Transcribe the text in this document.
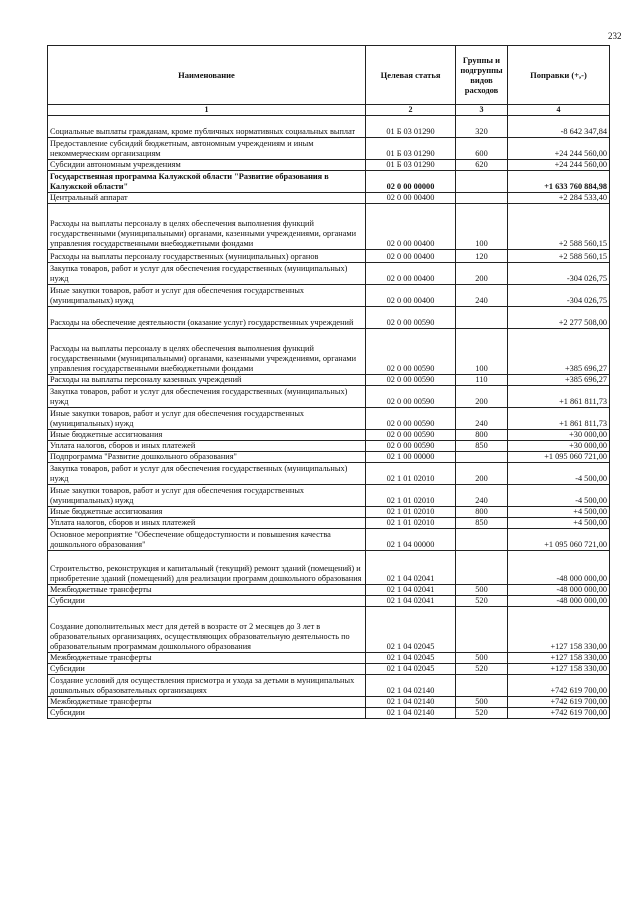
232
Наименование	Целевая статья	Группы и подгруппы видов расходов	Поправки (+,-)
1	2	3	4
Социальные выплаты гражданам, кроме публичных нормативных социальных выплат	01 Б 03 01290	320	-8 642 347,84
Предоставление субсидий бюджетным, автономным учреждениям и иным некоммерческим организациям	01 Б 03 01290	600	+24 244 560,00
Субсидии автономным учреждениям	01 Б 03 01290	620	+24 244 560,00
Государственная программа Калужской области "Развитие образования в Калужской области"	02 0 00 00000		+1 633 760 884,98
Центральный аппарат	02 0 00 00400		+2 284 533,40
Расходы на выплаты персоналу в целях обеспечения выполнения функций государственными (муниципальными) органами, казенными учреждениями, органами управления государственными внебюджетными фондами	02 0 00 00400	100	+2 588 560,15
Расходы на выплаты персоналу государственных (муниципальных) органов	02 0 00 00400	120	+2 588 560,15
Закупка товаров, работ и услуг для обеспечения государственных (муниципальных) нужд	02 0 00 00400	200	-304 026,75
Иные закупки товаров, работ и услуг для обеспечения государственных (муниципальных) нужд	02 0 00 00400	240	-304 026,75
Расходы на обеспечение деятельности (оказание услуг) государственных учреждений	02 0 00 00590		+2 277 508,00
Расходы на выплаты персоналу в целях обеспечения выполнения функций государственными (муниципальными) органами, казенными учреждениями, органами управления государственными внебюджетными фондами	02 0 00 00590	100	+385 696,27
Расходы на выплаты персоналу казенных учреждений	02 0 00 00590	110	+385 696,27
Закупка товаров, работ и услуг для обеспечения государственных (муниципальных) нужд	02 0 00 00590	200	+1 861 811,73
Иные закупки товаров, работ и услуг для обеспечения государственных (муниципальных) нужд	02 0 00 00590	240	+1 861 811,73
Иные бюджетные ассигнования	02 0 00 00590	800	+30 000,00
Уплата налогов, сборов и иных платежей	02 0 00 00590	850	+30 000,00
Подпрограмма "Развитие дошкольного образования"	02 1 00 00000		+1 095 060 721,00
Закупка товаров, работ и услуг для обеспечения государственных (муниципальных) нужд	02 1 01 02010	200	-4 500,00
Иные закупки товаров, работ и услуг для обеспечения государственных (муниципальных) нужд	02 1 01 02010	240	-4 500,00
Иные бюджетные ассигнования	02 1 01 02010	800	+4 500,00
Уплата налогов, сборов и иных платежей	02 1 01 02010	850	+4 500,00
Основное мероприятие "Обеспечение общедоступности и повышения качества дошкольного образования"	02 1 04 00000		+1 095 060 721,00
Строительство, реконструкция и капитальный (текущий) ремонт зданий (помещений) и приобретение зданий (помещений) для реализации программ дошкольного образования	02 1 04 02041		-48 000 000,00
Межбюджетные трансферты	02 1 04 02041	500	-48 000 000,00
Субсидии	02 1 04 02041	520	-48 000 000,00
Создание дополнительных мест для детей в возрасте от 2 месяцев до 3 лет в образовательных организациях, осуществляющих образовательную деятельность по образовательным программам дошкольного образования	02 1 04 02045		+127 158 330,00
Межбюджетные трансферты	02 1 04 02045	500	+127 158 330,00
Субсидии	02 1 04 02045	520	+127 158 330,00
Создание условий для осуществления присмотра и ухода за детьми в муниципальных дошкольных образовательных организациях	02 1 04 02140		+742 619 700,00
Межбюджетные трансферты	02 1 04 02140	500	+742 619 700,00
Субсидии	02 1 04 02140	520	+742 619 700,00
